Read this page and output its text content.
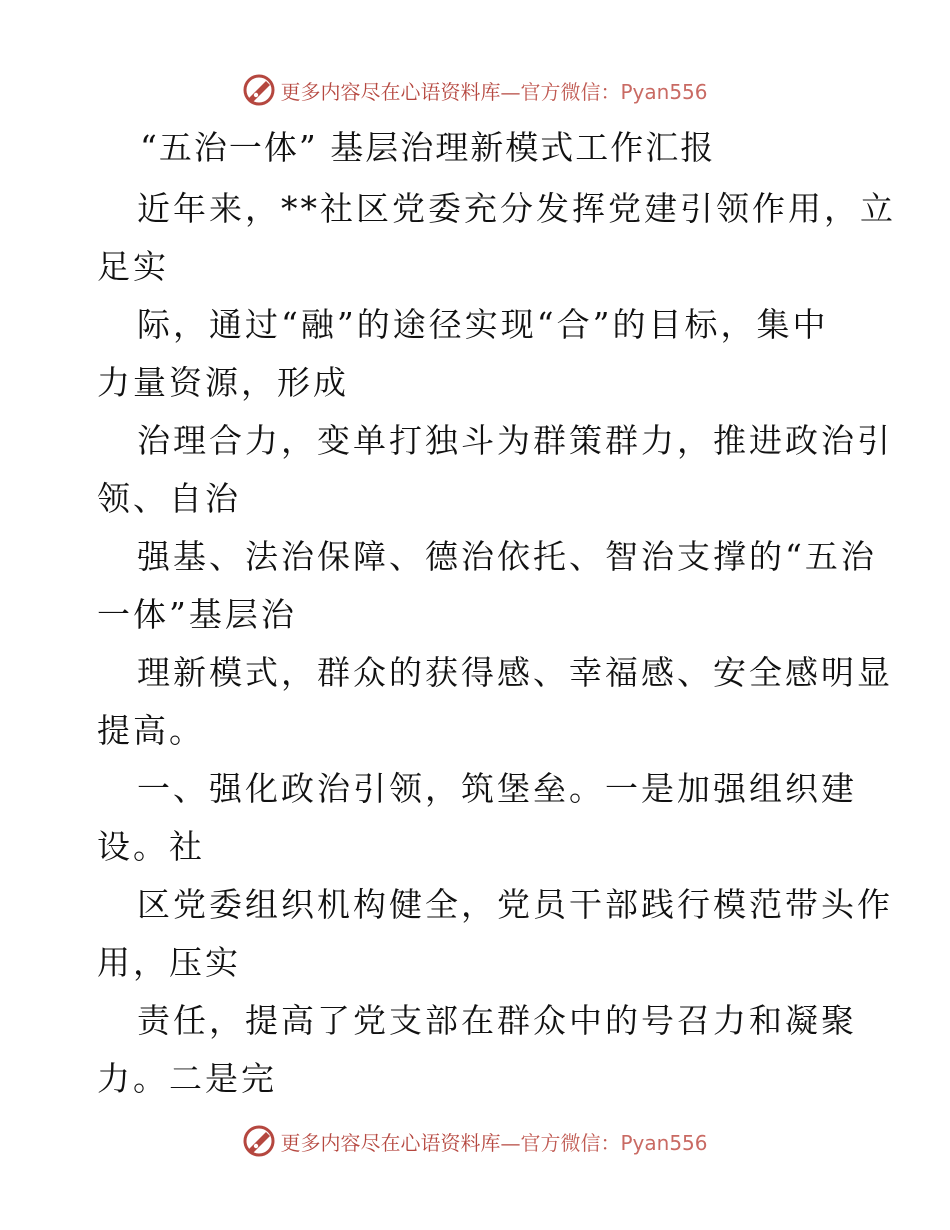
更多内容尽在心语资料库—官方微信：Pyan556
“五治一体” 基层治理新模式工作汇报
近年来，**社区党委充分发挥党建引领作用，立
足实
际，通过“融”的途径实现“合”的目标，集中
力量资源，形成
治理合力，变单打独斗为群策群力，推进政治引
领、自治
强基、法治保障、德治依托、智治支撑的“五治
一体”基层治
理新模式，群众的获得感、幸福感、安全感明显
提高。
一、强化政治引领，筑堡垒。一是加强组织建
设。社
区党委组织机构健全，党员干部践行模范带头作
用，压实
责任，提高了党支部在群众中的号召力和凝聚
力。二是完
更多内容尽在心语资料库—官方微信：Pyan556
